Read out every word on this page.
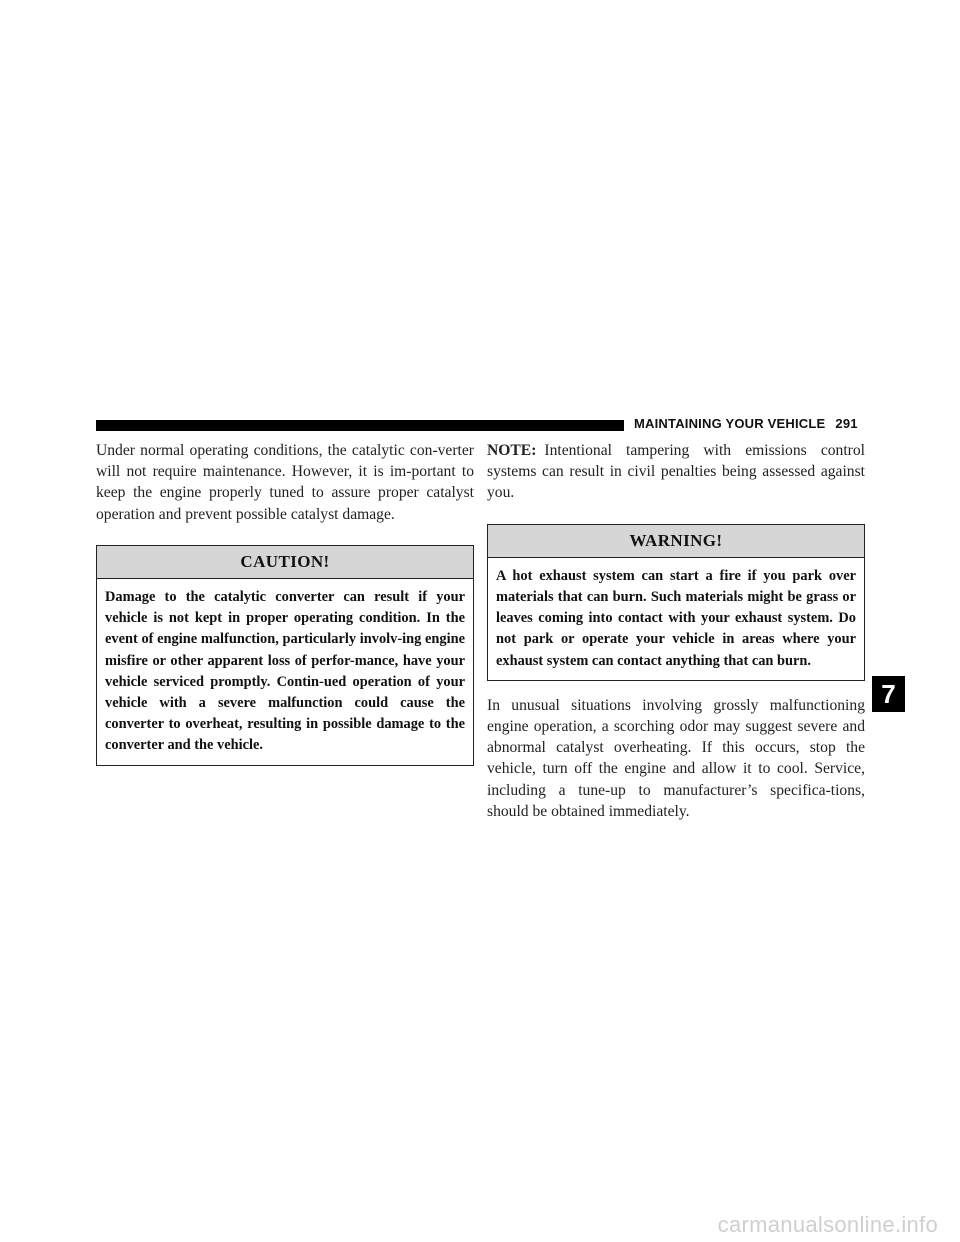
MAINTAINING YOUR VEHICLE 291

Under normal operating conditions, the catalytic con-verter will not require maintenance. However, it is im-portant to keep the engine properly tuned to assure proper catalyst operation and prevent possible catalyst damage.

CAUTION!
Damage to the catalytic converter can result if your vehicle is not kept in proper operating condition. In the event of engine malfunction, particularly involv-ing engine misfire or other apparent loss of perfor-mance, have your vehicle serviced promptly. Contin-ued operation of your vehicle with a severe malfunction could cause the converter to overheat, resulting in possible damage to the converter and the vehicle.

NOTE: Intentional tampering with emissions control systems can result in civil penalties being assessed against you.

WARNING!
A hot exhaust system can start a fire if you park over materials that can burn. Such materials might be grass or leaves coming into contact with your exhaust system. Do not park or operate your vehicle in areas where your exhaust system can contact anything that can burn.

In unusual situations involving grossly malfunctioning engine operation, a scorching odor may suggest severe and abnormal catalyst overheating. If this occurs, stop the vehicle, turn off the engine and allow it to cool. Service, including a tune-up to manufacturer’s specifica-tions, should be obtained immediately.

7
carmanualsonline.info
